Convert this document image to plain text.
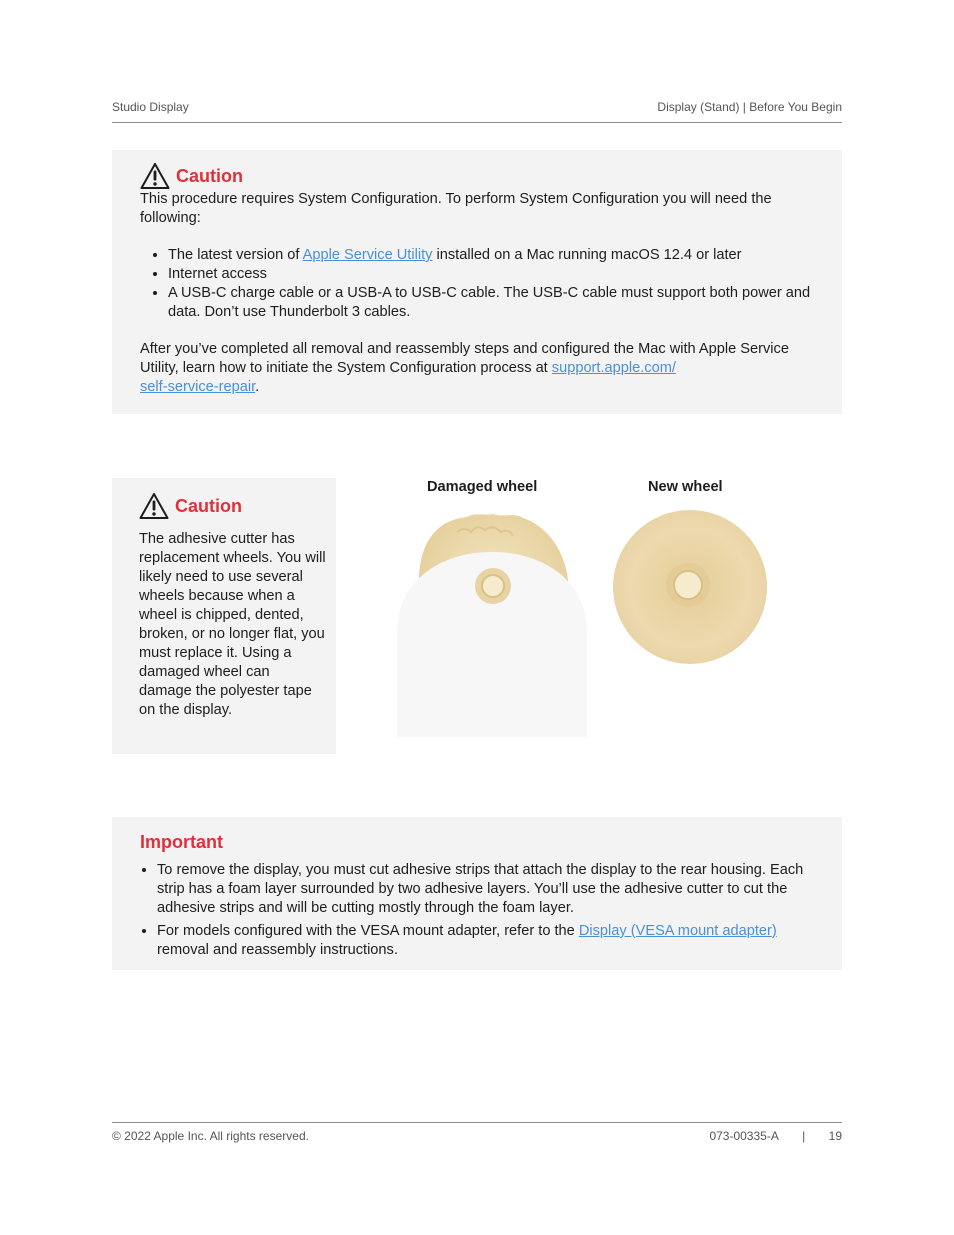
Studio Display	Display (Stand) | Before You Begin
Caution

This procedure requires System Configuration. To perform System Configuration you will need the following:

• The latest version of Apple Service Utility installed on a Mac running macOS 12.4 or later
• Internet access
• A USB-C charge cable or a USB-A to USB-C cable. The USB-C cable must support both power and data. Don’t use Thunderbolt 3 cables.

After you’ve completed all removal and reassembly steps and configured the Mac with Apple Service Utility, learn how to initiate the System Configuration process at support.apple.com/
self-service-repair.

Caution

The adhesive cutter has replacement wheels. You will likely need to use several wheels because when a wheel is chipped, dented, broken, or no longer flat, you must replace it. Using a damaged wheel can damage the polyester tape on the display.

Damaged wheel	New wheel
Important
• To remove the display, you must cut adhesive strips that attach the display to the rear housing. Each strip has a foam layer surrounded by two adhesive layers. You’ll use the adhesive cutter to cut the adhesive strips and will be cutting mostly through the foam layer.
• For models configured with the VESA mount adapter, refer to the Display (VESA mount adapter) removal and reassembly instructions.
© 2022 Apple Inc. All rights reserved.	073-00335-A | 19
